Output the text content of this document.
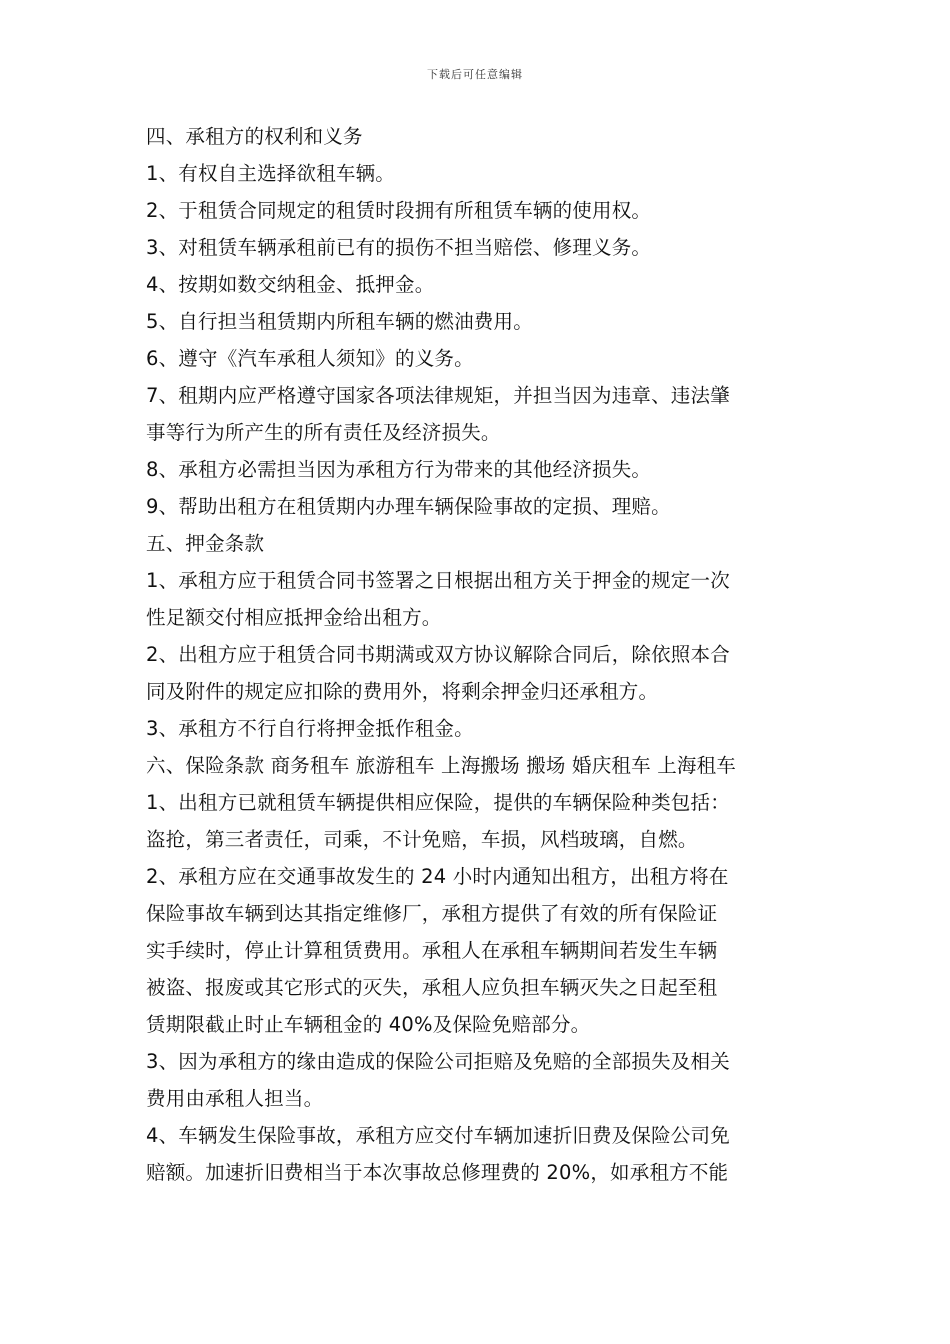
下载后可任意编辑
四、承租方的权利和义务
1、有权自主选择欲租车辆。
2、于租赁合同规定的租赁时段拥有所租赁车辆的使用权。
3、对租赁车辆承租前已有的损伤不担当赔偿、修理义务。
4、按期如数交纳租金、抵押金。
5、自行担当租赁期内所租车辆的燃油费用。
6、遵守《汽车承租人须知》的义务。
7、租期内应严格遵守国家各项法律规矩，并担当因为违章、违法肇
事等行为所产生的所有责任及经济损失。
8、承租方必需担当因为承租方行为带来的其他经济损失。
9、帮助出租方在租赁期内办理车辆保险事故的定损、理赔。
五、押金条款
1、承租方应于租赁合同书签署之日根据出租方关于押金的规定一次
性足额交付相应抵押金给出租方。
2、出租方应于租赁合同书期满或双方协议解除合同后，除依照本合
同及附件的规定应扣除的费用外，将剩余押金归还承租方。
3、承租方不行自行将押金抵作租金。
六、保险条款 商务租车 旅游租车 上海搬场 搬场 婚庆租车 上海租车
1、出租方已就租赁车辆提供相应保险，提供的车辆保险种类包括：
盗抢，第三者责任，司乘，不计免赔，车损，风档玻璃，自燃。
2、承租方应在交通事故发生的 24 小时内通知出租方，出租方将在
保险事故车辆到达其指定维修厂，承租方提供了有效的所有保险证
实手续时，停止计算租赁费用。承租人在承租车辆期间若发生车辆
被盗、报废或其它形式的灭失，承租人应负担车辆灭失之日起至租
赁期限截止时止车辆租金的 40%及保险免赔部分。
3、因为承租方的缘由造成的保险公司拒赔及免赔的全部损失及相关
费用由承租人担当。
4、车辆发生保险事故，承租方应交付车辆加速折旧费及保险公司免
赔额。加速折旧费相当于本次事故总修理费的 20%，如承租方不能
